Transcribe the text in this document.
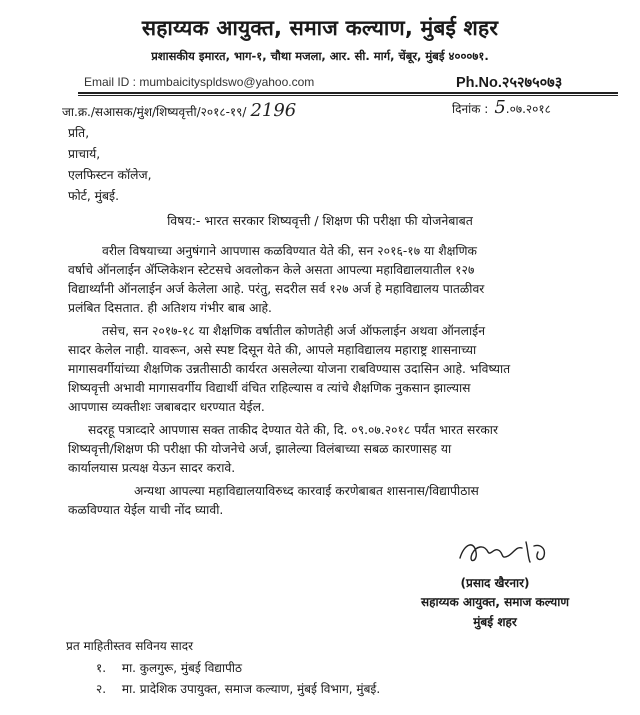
सहाय्यक आयुक्त, समाज कल्याण, मुंबई शहर
प्रशासकीय इमारत, भाग-१, चौथा मजला, आर. सी. मार्ग, चेंबूर, मुंबई ४०००७१.
Email ID : mumbaicityspldswo@yahoo.com	Ph.No.२५२७५०७३
जा.क्र./सआसक/मुंश/शिष्यवृत्ती/२०१८-१९/ 2196	दिनांक : 5.०७.२०१८
प्रति,
प्राचार्य,
एलफिस्टन कॉलेज,
फोर्ट, मुंबई.
विषय:- भारत सरकार शिष्यवृत्ती / शिक्षण फी परीक्षा फी योजनेबाबत
वरील विषयाच्या अनुषंगाने आपणास कळविण्यात येते की, सन २०१६-१७ या शैक्षणिक
वर्षाचे ऑनलाईन ॲप्लिकेशन स्टेटसचे अवलोकन केले असता आपल्या महाविद्यालयातील १२७
विद्यार्थ्यांनी ऑनलाईन अर्ज केलेला आहे. परंतु, सदरील सर्व १२७ अर्ज हे महाविद्यालय पातळीवर
प्रलंबित दिसतात. ही अतिशय गंभीर बाब आहे.
तसेच, सन २०१७-१८ या शैक्षणिक वर्षातील कोणतेही अर्ज ऑफलाईन अथवा ऑनलाईन
सादर केलेल नाही. यावरून, असे स्पष्ट दिसून येते की, आपले महाविद्यालय महाराष्ट्र शासनाच्या
मागासवर्गीयांच्या शैक्षणिक उन्नतीसाठी कार्यरत असलेल्या योजना राबविण्यास उदासिन आहे. भविष्यात
शिष्यवृत्ती अभावी मागासवर्गीय विद्यार्थी वंचित राहिल्यास व त्यांचे शैक्षणिक नुकसान झाल्यास
आपणास व्यक्तीशः जबाबदार धरण्यात येईल.
सदरहू पत्राव्दारे आपणास सक्त ताकीद देण्यात येते की, दि. ०९.०७.२०१८ पर्यंत भारत सरकार
शिष्यवृत्ती/शिक्षण फी परीक्षा फी योजनेचे अर्ज, झालेल्या विलंबाच्या सबळ कारणासह या
कार्यालयास प्रत्यक्ष येऊन सादर करावे.
अन्यथा आपल्या महाविद्यालयाविरुध्द कारवाई करणेबाबत शासनास/विद्यापीठास
कळविण्यात येईल याची नोंद घ्यावी.
(प्रसाद खैरनार)
सहाय्यक आयुक्त, समाज कल्याण
मुंबई शहर
प्रत माहितीस्तव सविनय सादर
१. मा. कुलगुरू, मुंबई विद्यापीठ
२. मा. प्रादेशिक उपायुक्त, समाज कल्याण, मुंबई विभाग, मुंबई.
